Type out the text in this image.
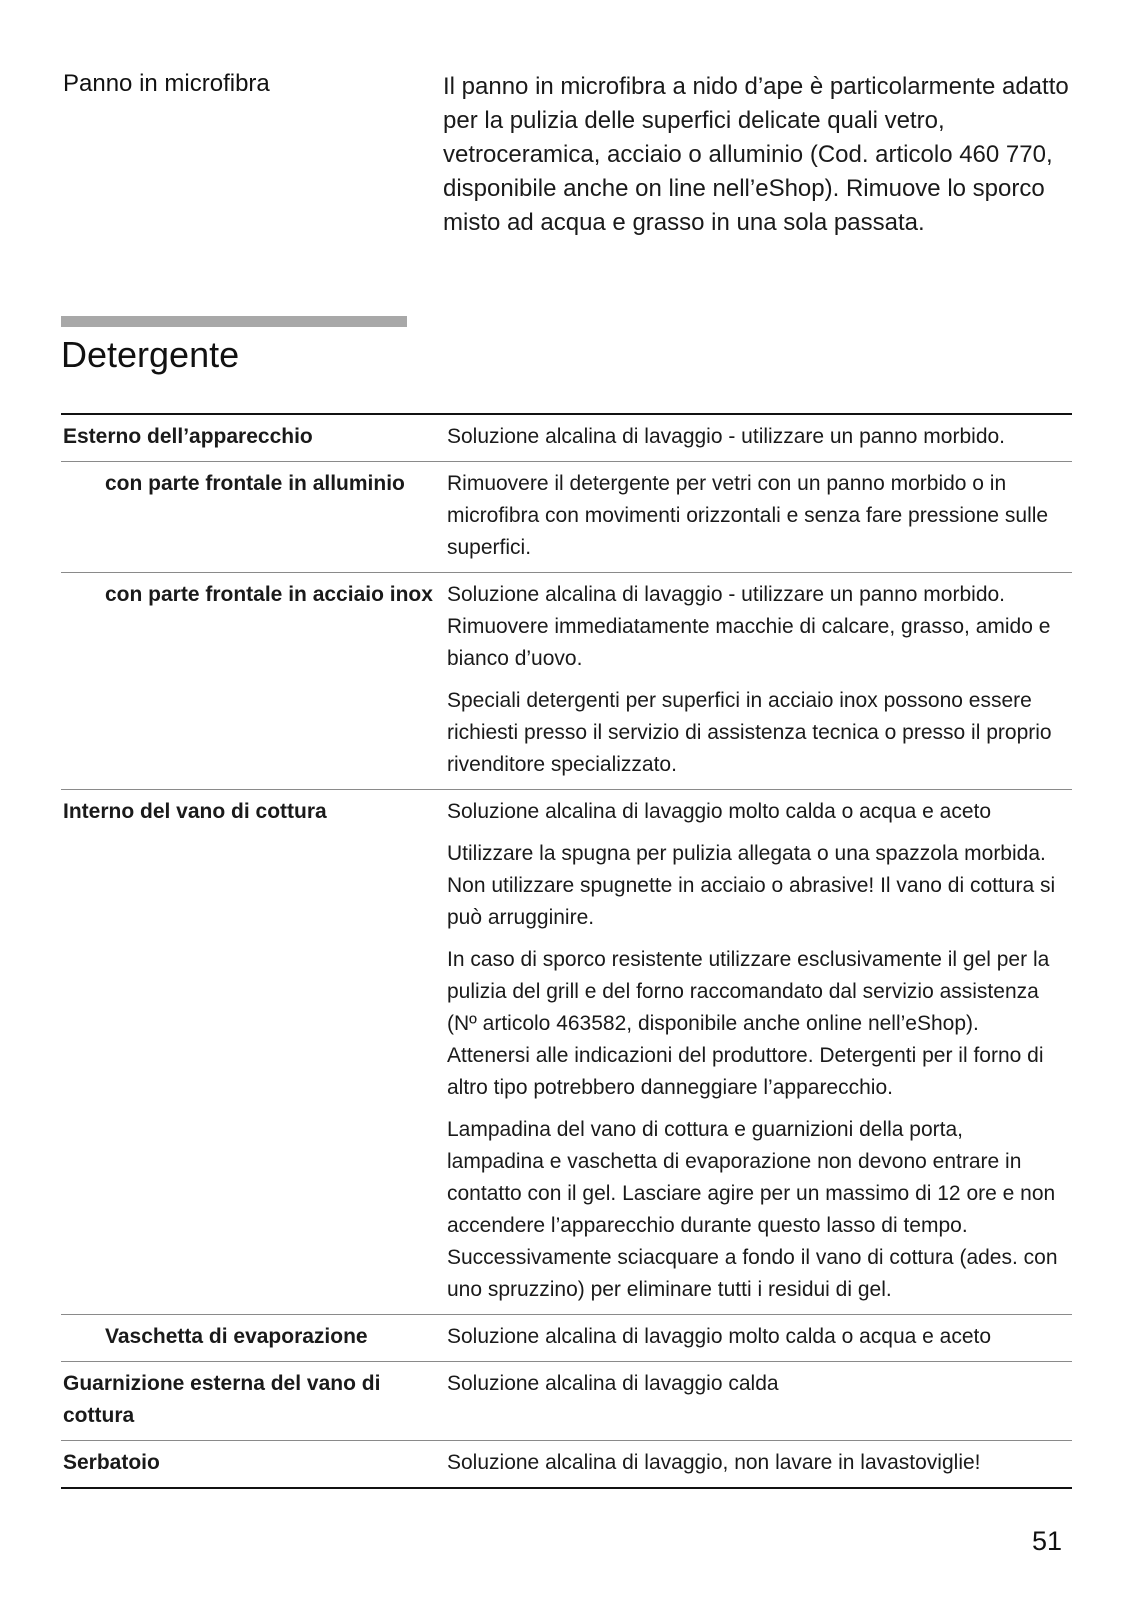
Panno in microfibra	Il panno in microfibra a nido d’ape è particolarmente adatto per la pulizia delle superfici delicate quali vetro, vetroceramica, acciaio o alluminio (Cod. articolo 460 770, disponibile anche on line nell’eShop). Rimuove lo sporco misto ad acqua e grasso in una sola passata.

Detergente
Esterno dell’apparecchio	Soluzione alcalina di lavaggio - utilizzare un panno morbido.

con parte frontale in alluminio	Rimuovere il detergente per vetri con un panno morbido o in microfibra con movimenti orizzontali e senza fare pressione sulle superfici.

con parte frontale in acciaio inox	Soluzione alcalina di lavaggio - utilizzare un panno morbido. Rimuovere immediatamente macchie di calcare, grasso, amido e bianco d’uovo.

Speciali detergenti per superfici in acciaio inox possono essere richiesti presso il servizio di assistenza tecnica o presso il proprio rivenditore specializzato.

Interno del vano di cottura	Soluzione alcalina di lavaggio molto calda o acqua e aceto

Utilizzare la spugna per pulizia allegata o una spazzola morbida. Non utilizzare spugnette in acciaio o abrasive! Il vano di cottura si può arrugginire.

In caso di sporco resistente utilizzare esclusivamente il gel per la pulizia del grill e del forno raccomandato dal servizio assistenza (Nº articolo 463582, disponibile anche online nell’eShop). Attenersi alle indicazioni del produttore. Detergenti per il forno di altro tipo potrebbero danneggiare l’apparecchio.

Lampadina del vano di cottura e guarnizioni della porta, lampadina e vaschetta di evaporazione non devono entrare in contatto con il gel. Lasciare agire per un massimo di 12 ore e non accendere l’apparecchio durante questo lasso di tempo. Successivamente sciacquare a fondo il vano di cottura (ades. con uno spruzzino) per eliminare tutti i residui di gel.

Vaschetta di evaporazione	Soluzione alcalina di lavaggio molto calda o acqua e aceto

Guarnizione esterna del vano di cottura	Soluzione alcalina di lavaggio calda

Serbatoio	Soluzione alcalina di lavaggio, non lavare in lavastoviglie!

51
